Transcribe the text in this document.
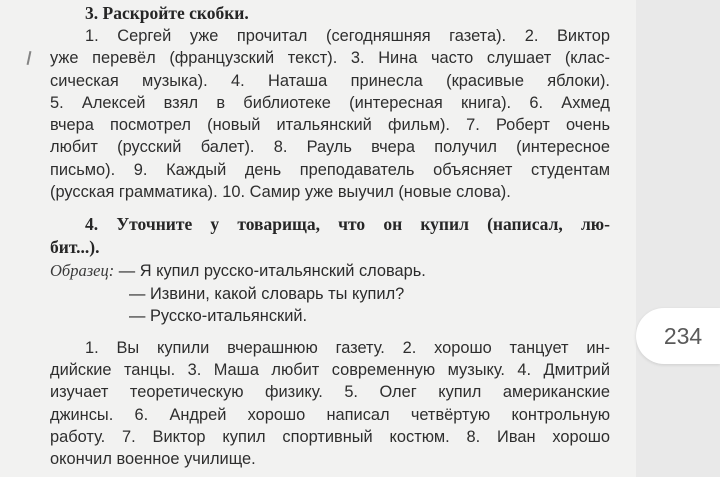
3. Раскройте скобки.

1. Сергей уже прочитал (сегодняшняя газета). 2. Виктор
уже перевёл (французский текст). 3. Нина часто слушает (клас-
сическая музыка). 4. Наташа принесла (красивые яблоки).
5. Алексей взял в библиотеке (интересная книга). 6. Ахмед
вчера посмотрел (новый итальянский фильм). 7. Роберт очень
любит (русский балет). 8. Рауль вчера получил (интересное
письмо). 9. Каждый день преподаватель объясняет студентам
(русская грамматика). 10. Самир уже выучил (новые слова).
4. Уточните у товарища, что он купил (написал, лю-
бит...).
Образец: — Я купил русско-итальянский словарь.
— Извини, какой словарь ты купил?
— Русско-итальянский.
1. Вы купили вчерашнюю газету. 2. хорошо танцует ин-
дийские танцы. 3. Маша любит современную музыку. 4. Дмитрий
изучает теоретическую физику. 5. Олег купил американские
джинсы. 6. Андрей хорошо написал четвёртую контрольную
работу. 7. Виктор купил спортивный костюм. 8. Иван хорошо
окончил военное училище.
234
